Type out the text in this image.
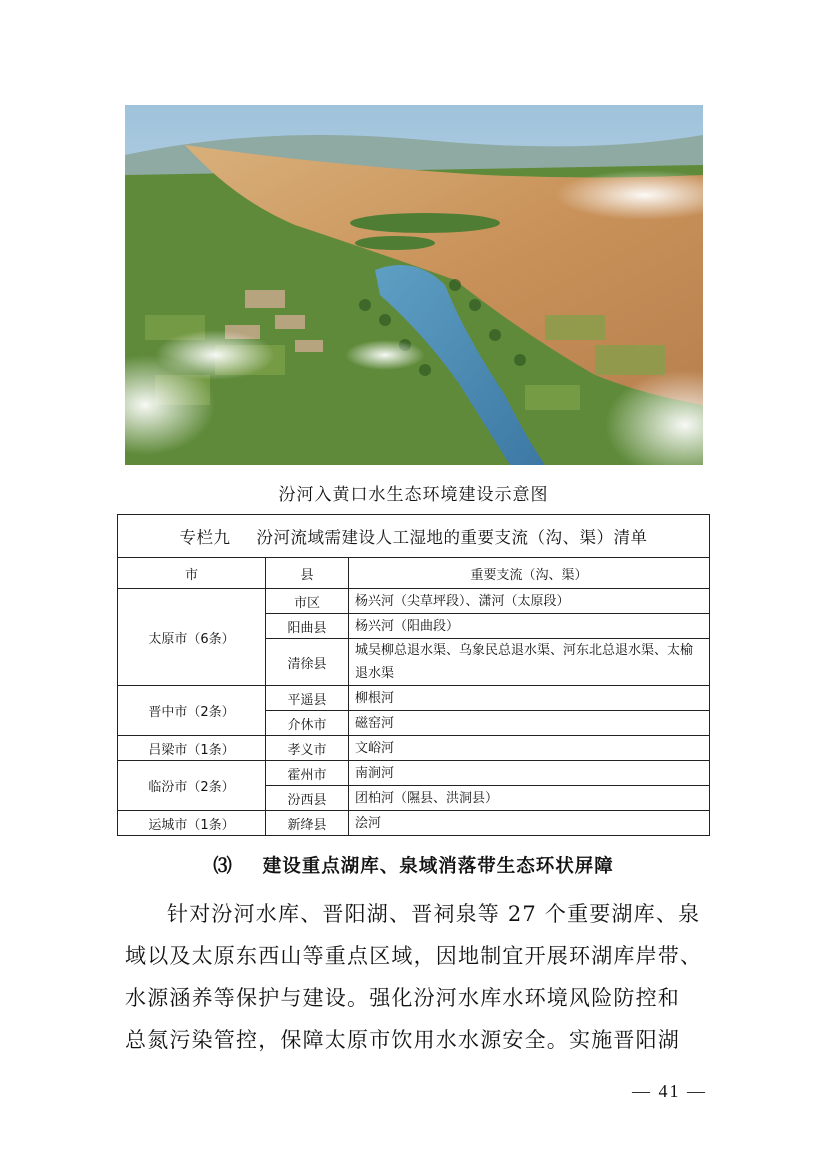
汾河入黄口水生态环境建设示意图
专栏九 汾河流域需建设人工湿地的重要支流（沟、渠）清单		
市	县	重要支流（沟、渠）
太原市（6条）	市区	杨兴河（尖草坪段）、潇河（太原段）
	阳曲县	杨兴河（阳曲段）
	清徐县	城吴柳总退水渠、乌象民总退水渠、河东北总退水渠、太榆退水渠
晋中市（2条）	平遥县	柳根河
	介休市	磁窑河
吕梁市（1条）	孝义市	文峪河
临汾市（2条）	霍州市	南涧河
	汾西县	团柏河（隰县、洪洞县）
运城市（1条）	新绛县	浍河
⑶ 建设重点湖库、泉域消落带生态环状屏障

针对汾河水库、晋阳湖、晋祠泉等 27 个重要湖库、泉
域以及太原东西山等重点区域，因地制宜开展环湖库岸带、
水源涵养等保护与建设。强化汾河水库水环境风险防控和
总氮污染管控，保障太原市饮用水水源安全。实施晋阳湖

— 41 —
